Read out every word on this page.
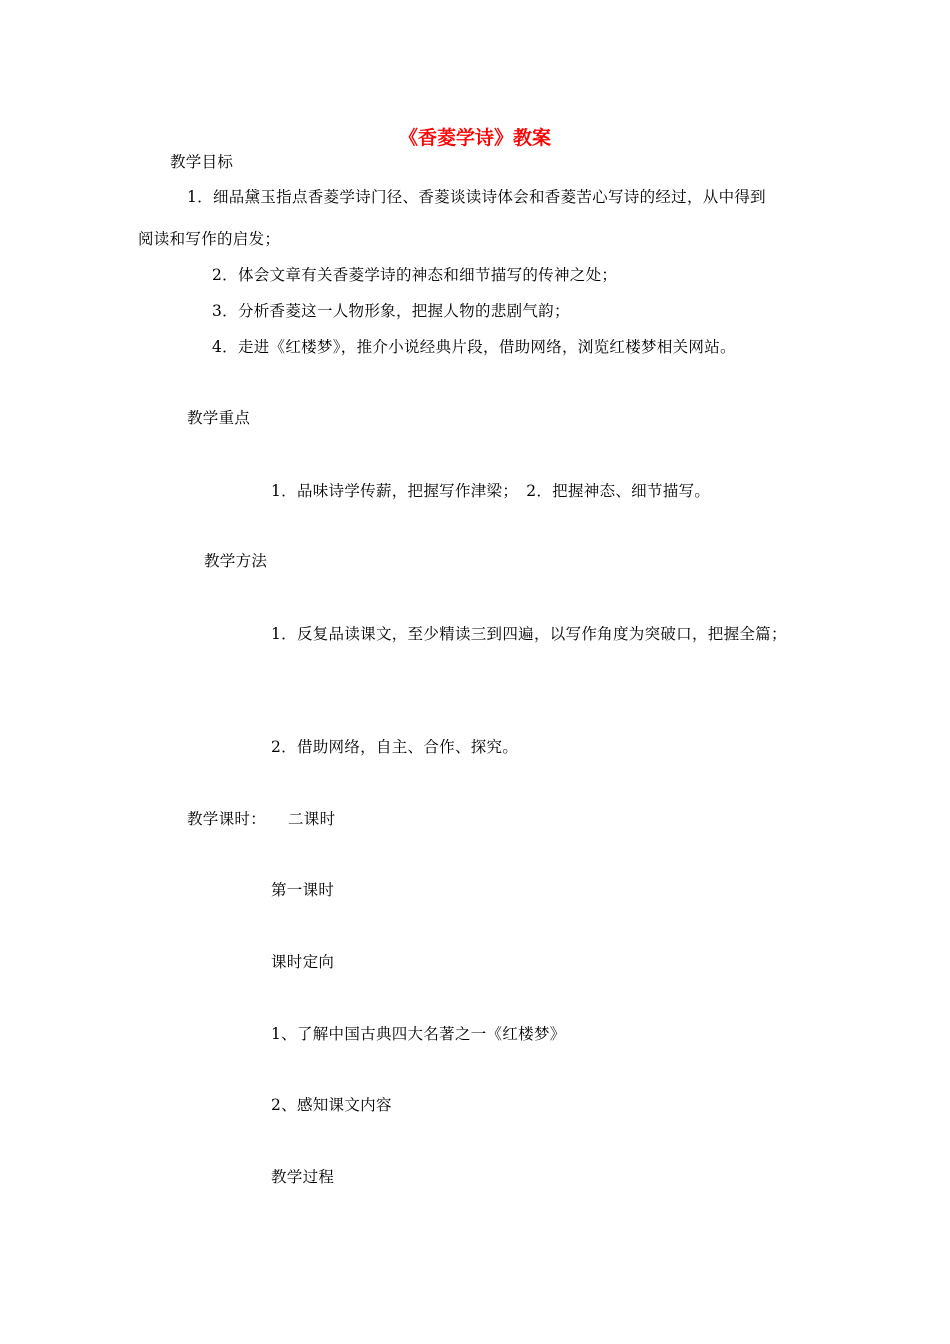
《香菱学诗》教案
教学目标
1．细品黛玉指点香菱学诗门径、香菱谈读诗体会和香菱苦心写诗的经过，从中得到
阅读和写作的启发；
2．体会文章有关香菱学诗的神态和细节描写的传神之处；
3．分析香菱这一人物形象，把握人物的悲剧气韵；
4．走进《红楼梦》，推介小说经典片段，借助网络，浏览红楼梦相关网站。
教学重点
1．品味诗学传薪，把握写作津梁；　2．把握神态、细节描写。
教学方法
1．反复品读课文，至少精读三到四遍，以写作角度为突破口，把握全篇；
2．借助网络，自主、合作、探究。
教学课时： 二课时
第一课时
课时定向
1、了解中国古典四大名著之一《红楼梦》
2、感知课文内容
教学过程
